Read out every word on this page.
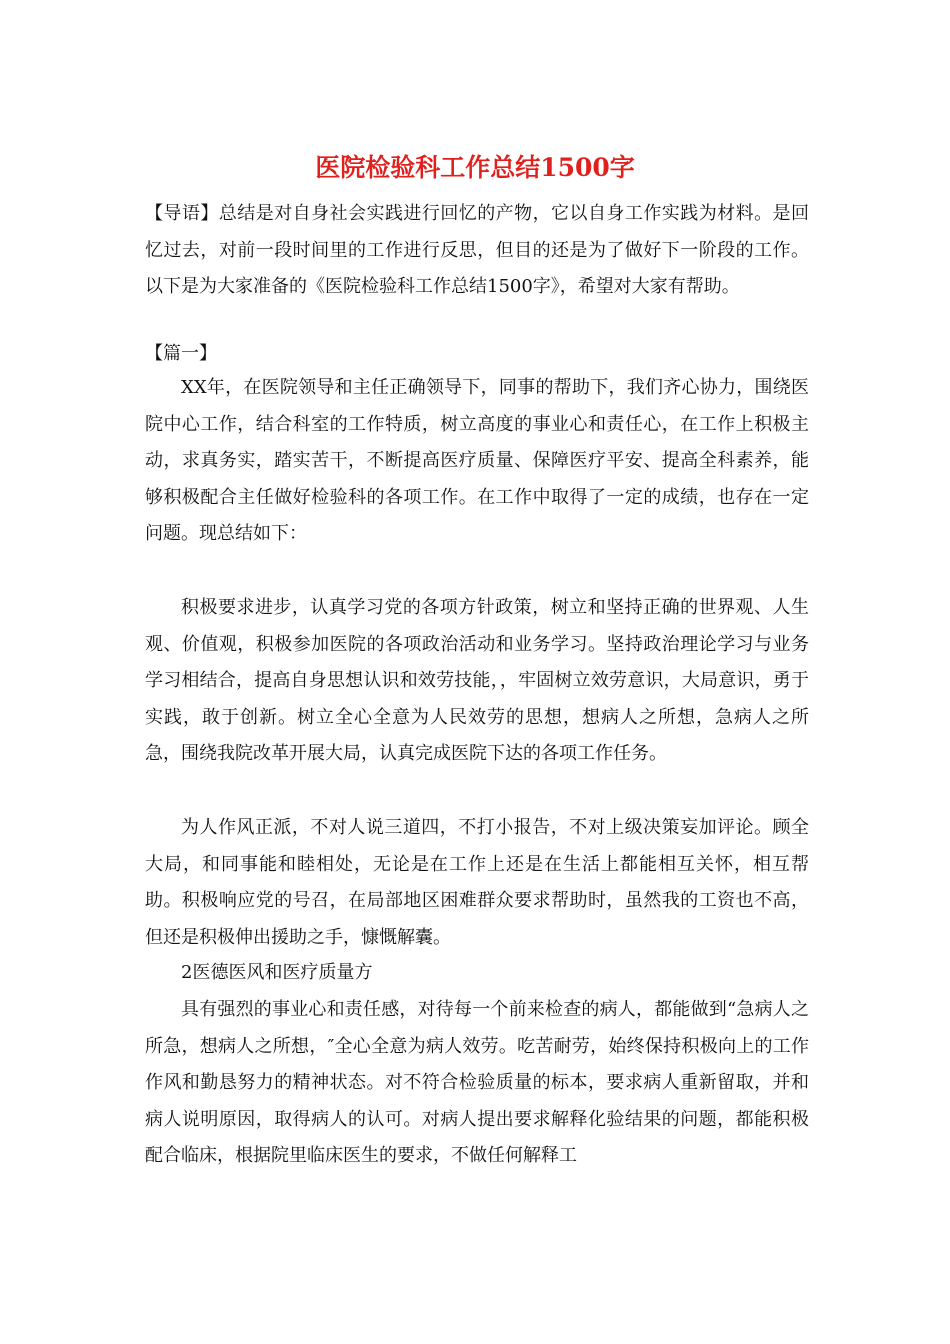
医院检验科工作总结1500字

【导语】总结是对自身社会实践进行回忆的产物，它以自身工作实践为材料。是回忆过去，对前一段时间里的工作进行反思，但目的还是为了做好下一阶段的工作。以下是为大家准备的《医院检验科工作总结1500字》，希望对大家有帮助。

【篇一】

XX年，在医院领导和主任正确领导下，同事的帮助下，我们齐心协力，围绕医院中心工作，结合科室的工作特质，树立高度的事业心和责任心，在工作上积极主动，求真务实，踏实苦干，不断提高医疗质量、保障医疗平安、提高全科素养，能够积极配合主任做好检验科的各项工作。在工作中取得了一定的成绩，也存在一定问题。现总结如下：

积极要求进步，认真学习党的各项方针政策，树立和坚持正确的世界观、人生观、价值观，积极参加医院的各项政治活动和业务学习。坚持政治理论学习与业务学习相结合，提高自身思想认识和效劳技能，，牢固树立效劳意识，大局意识，勇于实践，敢于创新。树立全心全意为人民效劳的思想，想病人之所想，急病人之所急，围绕我院改革开展大局，认真完成医院下达的各项工作任务。

为人作风正派，不对人说三道四，不打小报告，不对上级决策妄加评论。顾全大局，和同事能和睦相处，无论是在工作上还是在生活上都能相互关怀，相互帮助。积极响应党的号召，在局部地区困难群众要求帮助时，虽然我的工资也不高，但还是积极伸出援助之手，慷慨解囊。

2医德医风和医疗质量方

具有强烈的事业心和责任感，对待每一个前来检查的病人，都能做到“急病人之所急，想病人之所想，″全心全意为病人效劳。吃苦耐劳，始终保持积极向上的工作作风和勤恳努力的精神状态。对不符合检验质量的标本，要求病人重新留取，并和病人说明原因，取得病人的认可。对病人提出要求解释化验结果的问题，都能积极配合临床，根据院里临床医生的要求，不做任何解释工
